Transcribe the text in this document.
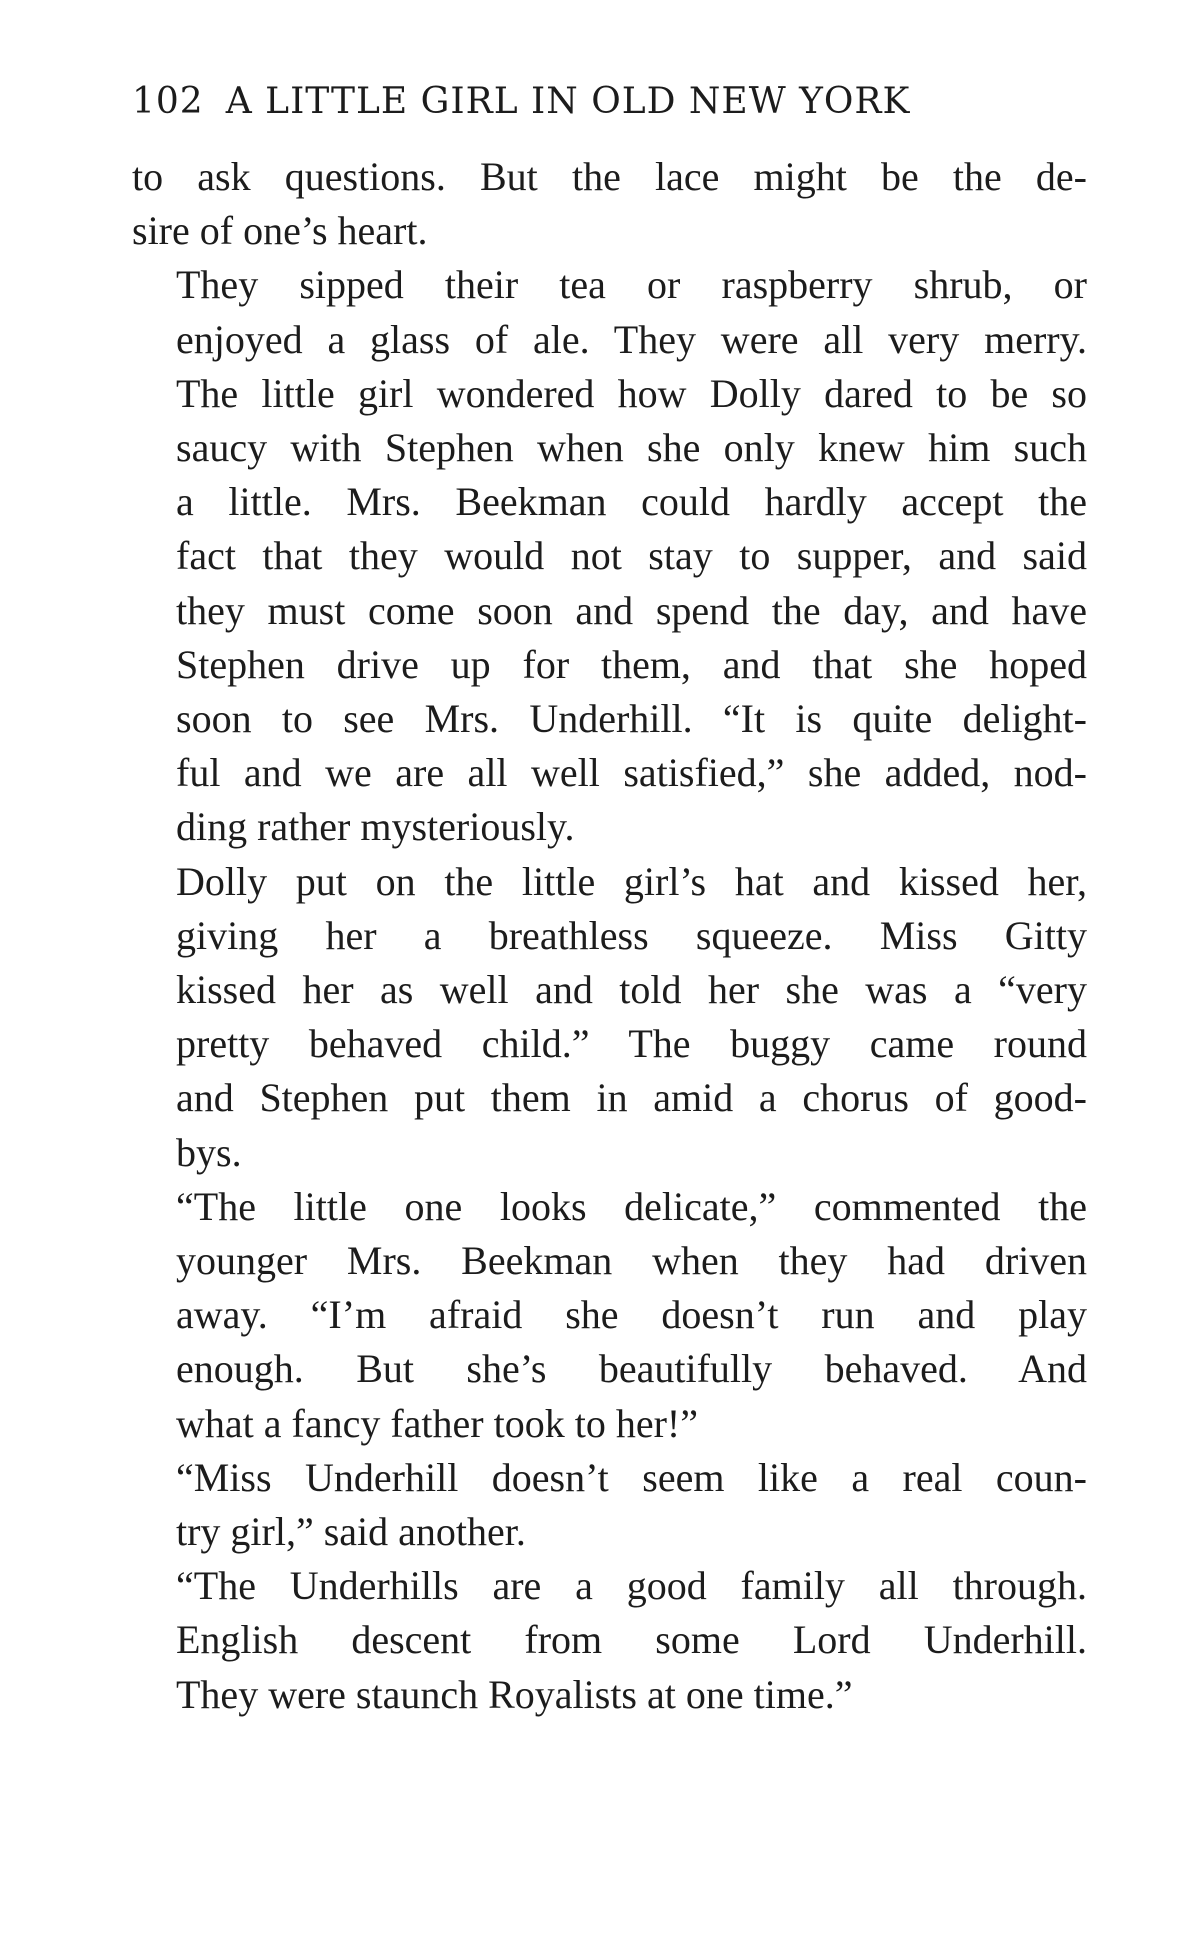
102 A LITTLE GIRL IN OLD NEW YORK

to ask questions. But the lace might be the de-
sire of one’s heart.

They sipped their tea or raspberry shrub, or
enjoyed a glass of ale. They were all very merry.
The little girl wondered how Dolly dared to be so
saucy with Stephen when she only knew him such
a little. Mrs. Beekman could hardly accept the
fact that they would not stay to supper, and said
they must come soon and spend the day, and have
Stephen drive up for them, and that she hoped
soon to see Mrs. Underhill. “It is quite delight-
ful and we are all well satisfied,” she added, nod-
ding rather mysteriously.

Dolly put on the little girl’s hat and kissed her,
giving her a breathless squeeze. Miss Gitty
kissed her as well and told her she was a “very
pretty behaved child.” The buggy came round
and Stephen put them in amid a chorus of good-
bys.

“The little one looks delicate,” commented the
younger Mrs. Beekman when they had driven
away. “I’m afraid she doesn’t run and play
enough. But she’s beautifully behaved. And
what a fancy father took to her!”

“Miss Underhill doesn’t seem like a real coun-
try girl,” said another.

“The Underhills are a good family all through.
English descent from some Lord Underhill.
They were staunch Royalists at one time.”
